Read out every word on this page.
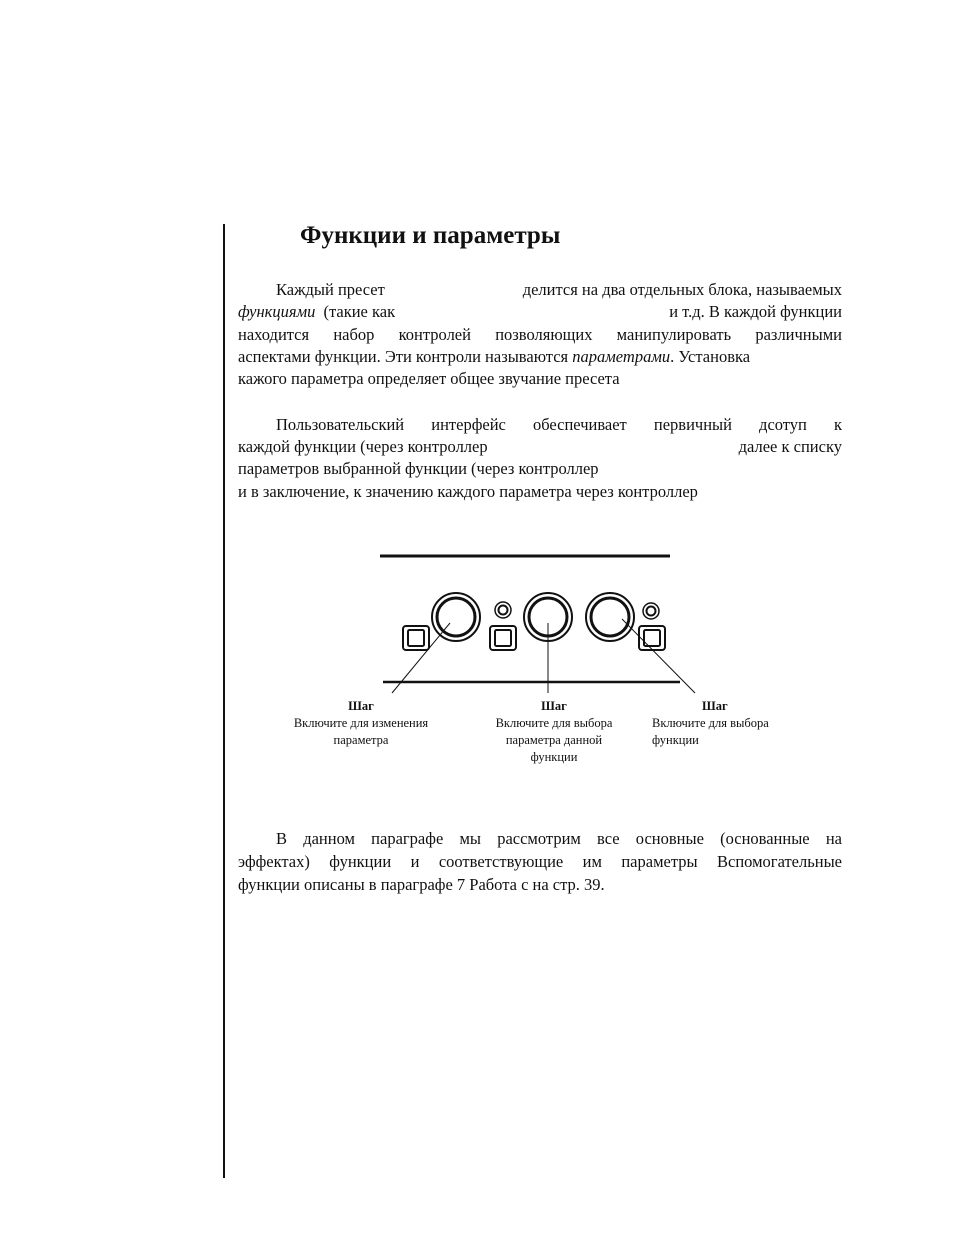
Функции и параметры
Каждый пресет	делится на два отдельных блока, называемых
функциями (такие как	и т.д. В каждой функции
находится набор контролей позволяющих манипулировать различными
аспектами функции. Эти контроли называются параметрами. Установка
кажого параметра определяет общее звучание пресета
Пользовательский интерфейс обеспечивает первичный дсотуп к
каждой функции (через контроллер	далее к списку
параметров выбранной функции (через контроллер
и в заключение, к значению каждого параметра через контроллер
Шаг
Включите для изменения
параметра
Шаг
Включите для выбора
параметра данной
функции
Шаг
Включите для выбора
функции
В данном параграфе мы рассмотрим все основные (основанные на
эффектах) функции и соответствующие им параметры Вспомогательные
функции описаны в параграфе 7 Работа с на стр. 39.
